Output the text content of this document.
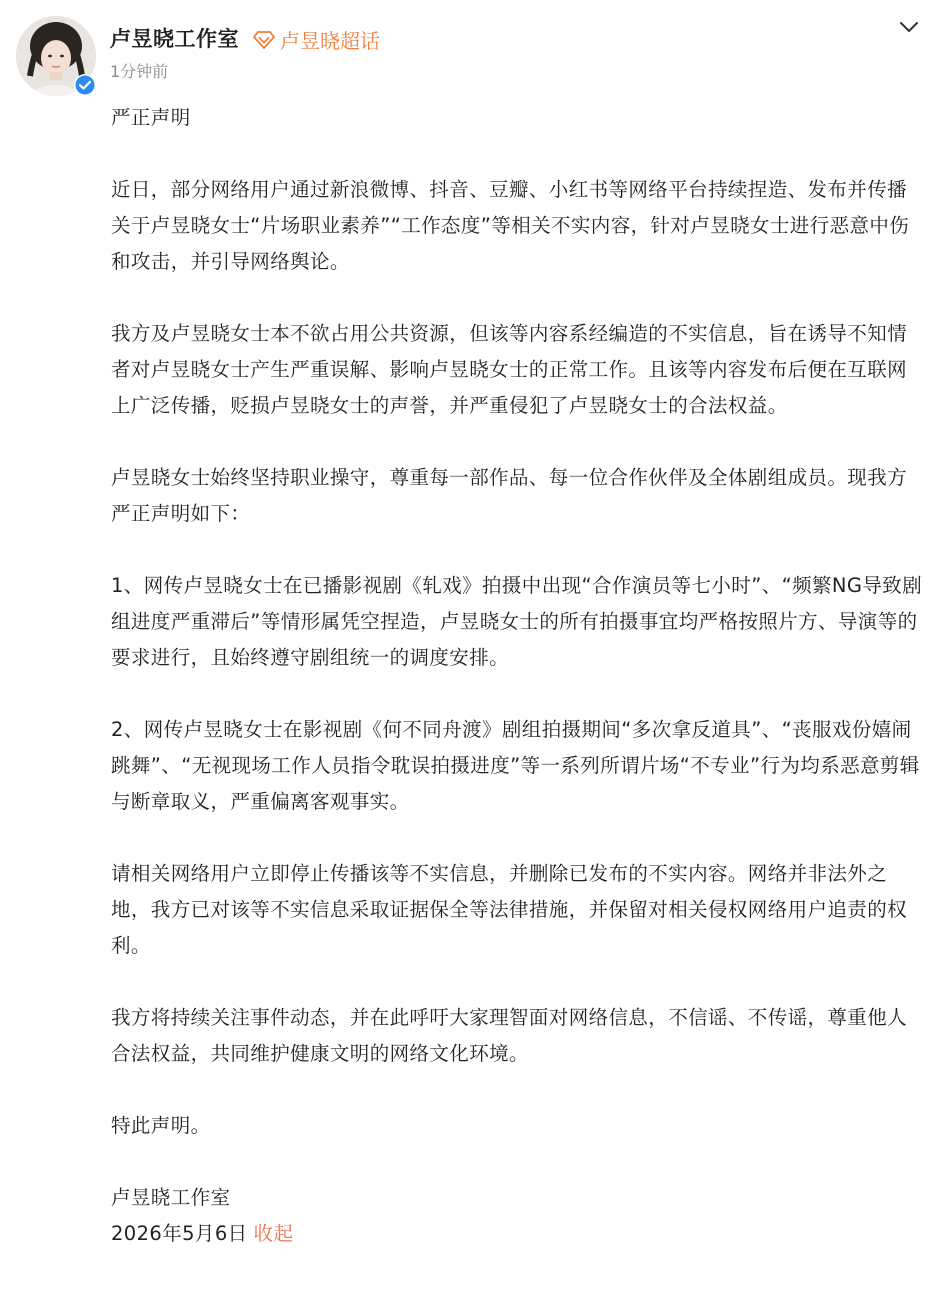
卢昱晓工作室 卢昱晓超话
1分钟前

严正声明

近日，部分网络用户通过新浪微博、抖音、豆瓣、小红书等网络平台持续捏造、发布并传播关于卢昱晓女士“片场职业素养”“工作态度”等相关不实内容，针对卢昱晓女士进行恶意中伤和攻击，并引导网络舆论。

我方及卢昱晓女士本不欲占用公共资源，但该等内容系经编造的不实信息，旨在诱导不知情者对卢昱晓女士产生严重误解、影响卢昱晓女士的正常工作。且该等内容发布后便在互联网上广泛传播，贬损卢昱晓女士的声誉，并严重侵犯了卢昱晓女士的合法权益。

卢昱晓女士始终坚持职业操守，尊重每一部作品、每一位合作伙伴及全体剧组成员。现我方严正声明如下：

1、网传卢昱晓女士在已播影视剧《轧戏》拍摄中出现“合作演员等七小时”、“频繁NG导致剧组进度严重滞后”等情形属凭空捏造，卢昱晓女士的所有拍摄事宜均严格按照片方、导演等的要求进行，且始终遵守剧组统一的调度安排。

2、网传卢昱晓女士在影视剧《何不同舟渡》剧组拍摄期间“多次拿反道具”、“丧服戏份嬉闹跳舞”、“无视现场工作人员指令耽误拍摄进度”等一系列所谓片场“不专业”行为均系恶意剪辑与断章取义，严重偏离客观事实。

请相关网络用户立即停止传播该等不实信息，并删除已发布的不实内容。网络并非法外之地，我方已对该等不实信息采取证据保全等法律措施，并保留对相关侵权网络用户追责的权利。

我方将持续关注事件动态，并在此呼吁大家理智面对网络信息，不信谣、不传谣，尊重他人合法权益，共同维护健康文明的网络文化环境。

特此声明。

卢昱晓工作室

2026年5月6日 收起
